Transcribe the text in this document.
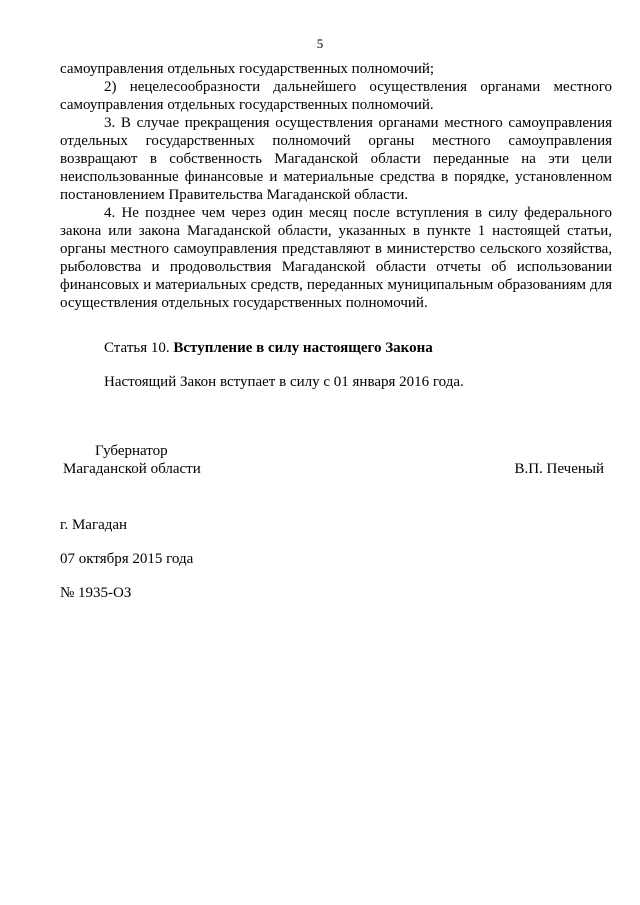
5

самоуправления отдельных государственных полномочий;

2) нецелесообразности дальнейшего осуществления органами местного самоуправления отдельных государственных полномочий.

3. В случае прекращения осуществления органами местного самоуправления отдельных государственных полномочий органы местного самоуправления возвращают в собственность Магаданской области переданные на эти цели неиспользованные финансовые и материальные средства в порядке, установленном постановлением Правительства Магаданской области.

4. Не позднее чем через один месяц после вступления в силу федерального закона или закона Магаданской области, указанных в пункте 1 настоящей статьи, органы местного самоуправления представляют в министерство сельского хозяйства, рыболовства и продовольствия Магаданской области отчеты об использовании финансовых и материальных средств, переданных муниципальным образованиям для осуществления отдельных государственных полномочий.

Статья 10. Вступление в силу настоящего Закона
Настоящий Закон вступает в силу с 01 января 2016 года.
Губернатор
Магаданской области	В.П. Печеный
г. Магадан
07 октября 2015 года
№ 1935-ОЗ
